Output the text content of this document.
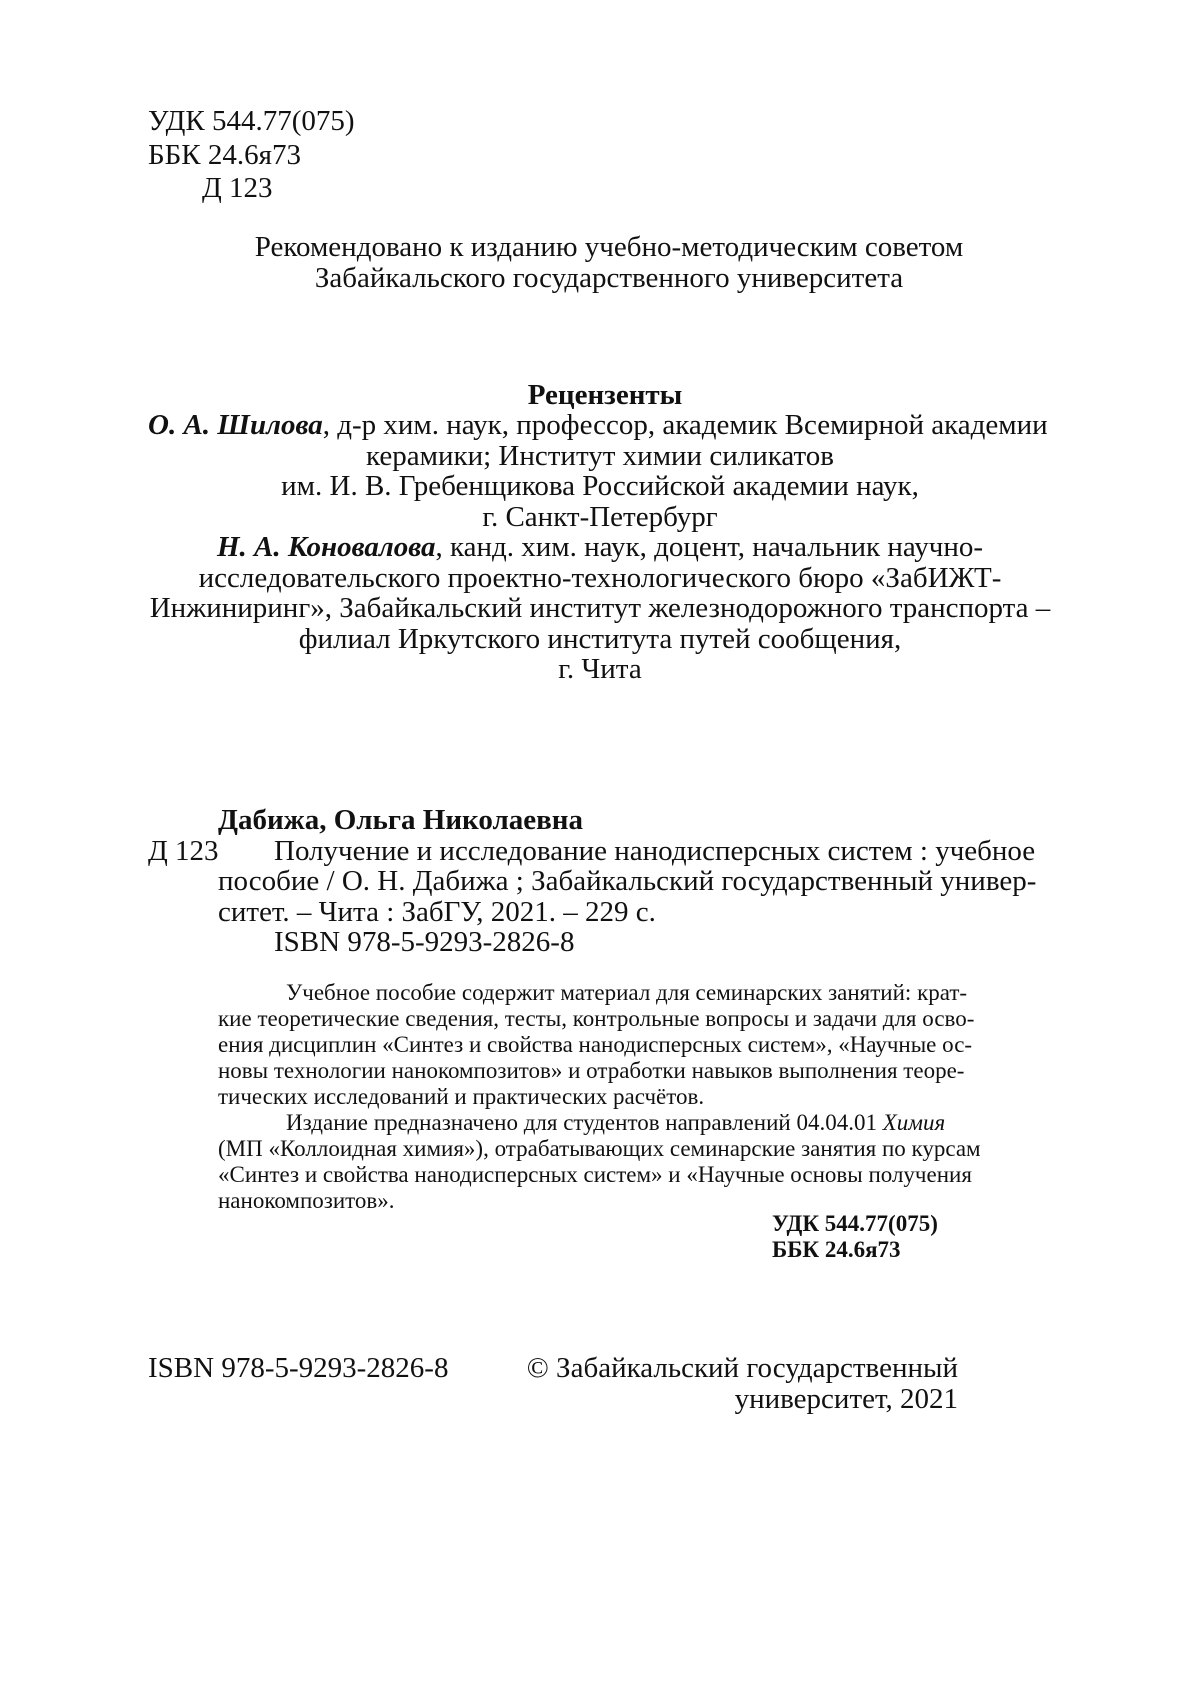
УДК 544.77(075)
ББК 24.6я73
Д 123
Рекомендовано к изданию учебно-методическим советом
Забайкальского государственного университета
Рецензенты
О. А. Шилова, д-р хим. наук, профессор, академик Всемирной академии
керамики; Институт химии силикатов
им. И. В. Гребенщикова Российской академии наук,
г. Санкт-Петербург
Н. А. Коновалова, канд. хим. наук, доцент, начальник научно-
исследовательского проектно-технологического бюро «ЗабИЖТ-
Инжиниринг», Забайкальский институт железнодорожного транспорта –
филиал Иркутского института путей сообщения,
г. Чита
Дабижа, Ольга Николаевна
Д 123 Получение и исследование нанодисперсных систем : учебное
пособие / О. Н. Дабижа ; Забайкальский государственный универ-
ситет. – Чита : ЗабГУ, 2021. – 229 с.
ISBN 978-5-9293-2826-8
Учебное пособие содержит материал для семинарских занятий: крат-
кие теоретические сведения, тесты, контрольные вопросы и задачи для осво-
ения дисциплин «Синтез и свойства нанодисперсных систем», «Научные ос-
новы технологии нанокомпозитов» и отработки навыков выполнения теоре-
тических исследований и практических расчётов.
Издание предназначено для студентов направлений 04.04.01 Химия
(МП «Коллоидная химия»), отрабатывающих семинарские занятия по курсам
«Синтез и свойства нанодисперсных систем» и «Научные основы получения
нанокомпозитов».
УДК 544.77(075)
ББК 24.6я73
ISBN 978-5-9293-2826-8	© Забайкальский государственный
университет, 2021
